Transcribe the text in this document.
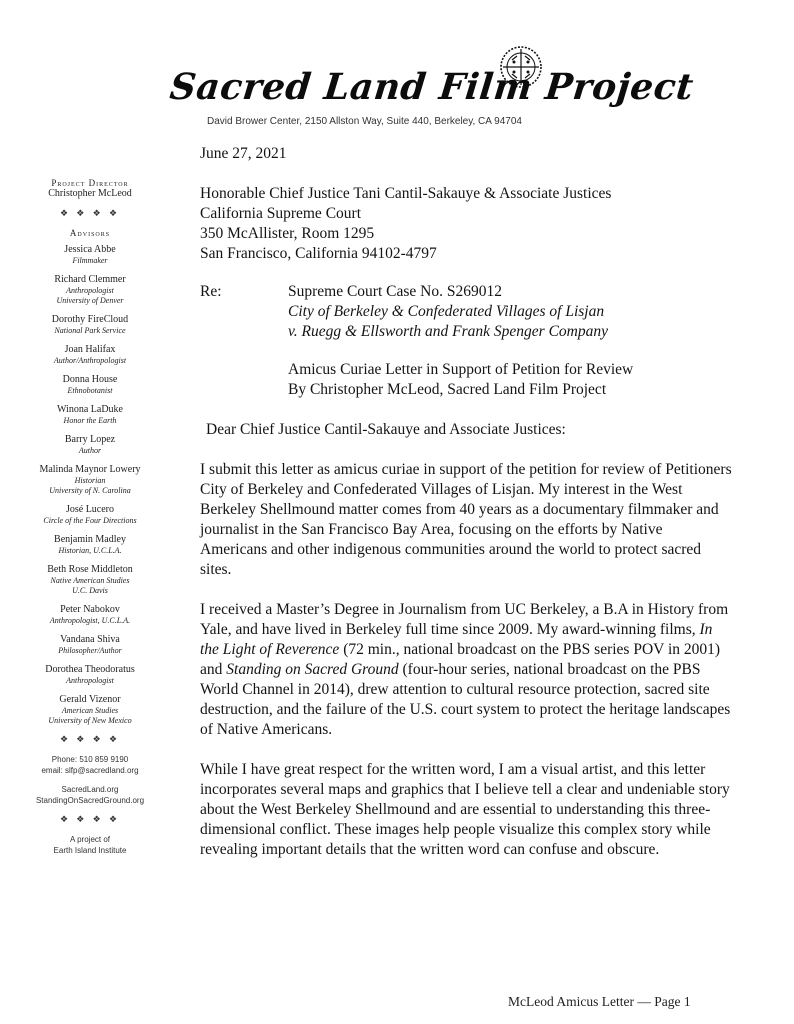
Sacred Land Film Project
David Brower Center, 2150 Allston Way, Suite 440, Berkeley, CA 94704
Project Director
Christopher McLeod
❖ ❖ ❖ ❖
Advisors
Jessica Abbe
Filmmaker
Richard Clemmer
Anthropologist
University of Denver
Dorothy FireCloud
National Park Service
Joan Halifax
Author/Anthropologist
Donna House
Ethnobotanist
Winona LaDuke
Honor the Earth
Barry Lopez
Author
Malinda Maynor Lowery
Historian
University of N. Carolina
José Lucero
Circle of the Four Directions
Benjamin Madley
Historian, U.C.L.A.
Beth Rose Middleton
Native American Studies
U.C. Davis
Peter Nabokov
Anthropologist, U.C.L.A.
Vandana Shiva
Philosopher/Author
Dorothea Theodoratus
Anthropologist
Gerald Vizenor
American Studies
University of New Mexico
❖ ❖ ❖ ❖
Phone: 510 859 9190
email: slfp@sacredland.org
SacredLand.org
StandingOnSacredGround.org
❖ ❖ ❖ ❖
A project of
Earth Island Institute
June 27, 2021
Honorable Chief Justice Tani Cantil-Sakauye & Associate Justices
California Supreme Court
350 McAllister, Room 1295
San Francisco, California 94102-4797
Re:	Supreme Court Case No. S269012
City of Berkeley & Confederated Villages of Lisjan
v. Ruegg & Ellsworth and Frank Spenger Company
Amicus Curiae Letter in Support of Petition for Review
By Christopher McLeod, Sacred Land Film Project
Dear Chief Justice Cantil-Sakauye and Associate Justices:

I submit this letter as amicus curiae in support of the petition for review of Petitioners City of Berkeley and Confederated Villages of Lisjan. My interest in the West Berkeley Shellmound matter comes from 40 years as a documentary filmmaker and journalist in the San Francisco Bay Area, focusing on the efforts by Native Americans and other indigenous communities around the world to protect sacred sites.

I received a Master’s Degree in Journalism from UC Berkeley, a B.A in History from Yale, and have lived in Berkeley full time since 2009. My award-winning films, In the Light of Reverence (72 min., national broadcast on the PBS series POV in 2001) and Standing on Sacred Ground (four-hour series, national broadcast on the PBS World Channel in 2014), drew attention to cultural resource protection, sacred site destruction, and the failure of the U.S. court system to protect the heritage landscapes of Native Americans.

While I have great respect for the written word, I am a visual artist, and this letter incorporates several maps and graphics that I believe tell a clear and undeniable story about the West Berkeley Shellmound and are essential to understanding this three-dimensional conflict. These images help people visualize this complex story while revealing important details that the written word can confuse and obscure.

McLeod Amicus Letter — Page 1
